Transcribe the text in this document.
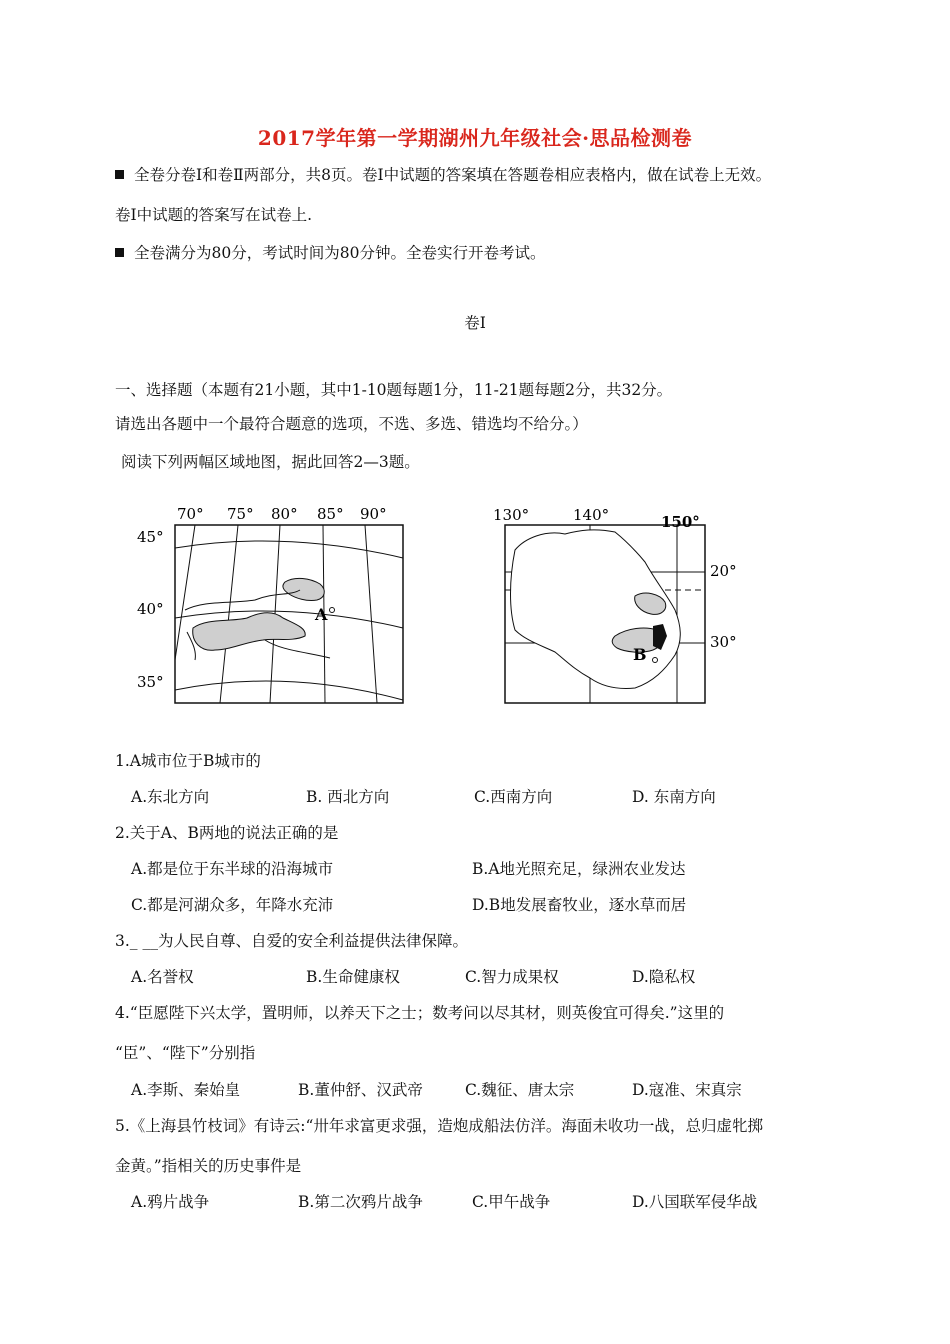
2017学年第一学期湖州九年级社会·思品检测卷
全卷分卷Ⅰ和卷Ⅱ两部分，共8页。卷Ⅰ中试题的答案填在答题卷相应表格内，做在试卷上无效。
卷Ⅰ中试题的答案写在试卷上.
全卷满分为80分，考试时间为80分钟。全卷实行开卷考试。
卷Ⅰ
一、选择题（本题有21小题，其中1-10题每题1分，11-21题每题2分，共32分。
请选出各题中一个最符合题意的选项，不选、多选、错选均不给分。）
阅读下列两幅区域地图，据此回答2—3题。
A
70° 75° 80° 85° 90°
45°
40°
35°
B
130°	140°	150°
20°
30°
1.A城市位于B城市的
A.东北方向	B. 西北方向	C.西南方向	D. 东南方向
2.关于A、B两地的说法正确的是
A.都是位于东半球的沿海城市	B.A地光照充足，绿洲农业发达
C.都是河湖众多，年降水充沛	D.B地发展畜牧业，逐水草而居
3._ __为人民自尊、自爱的安全利益提供法律保障。
A.名誉权	B.生命健康权	C.智力成果权	D.隐私权
4.“臣愿陛下兴太学，置明师，以养天下之士；数考问以尽其材，则英俊宜可得矣.”这里的
“臣”、“陛下”分别指
A.李斯、秦始皇	B.董仲舒、汉武帝	C.魏征、唐太宗	D.寇准、宋真宗
5.《上海县竹枝词》有诗云:“卅年求富更求强，造炮成船法仿洋。海面未收功一战，总归虚牝掷
金黄。”指相关的历史事件是
A.鸦片战争	B.第二次鸦片战争	C.甲午战争	D.八国联军侵华战
